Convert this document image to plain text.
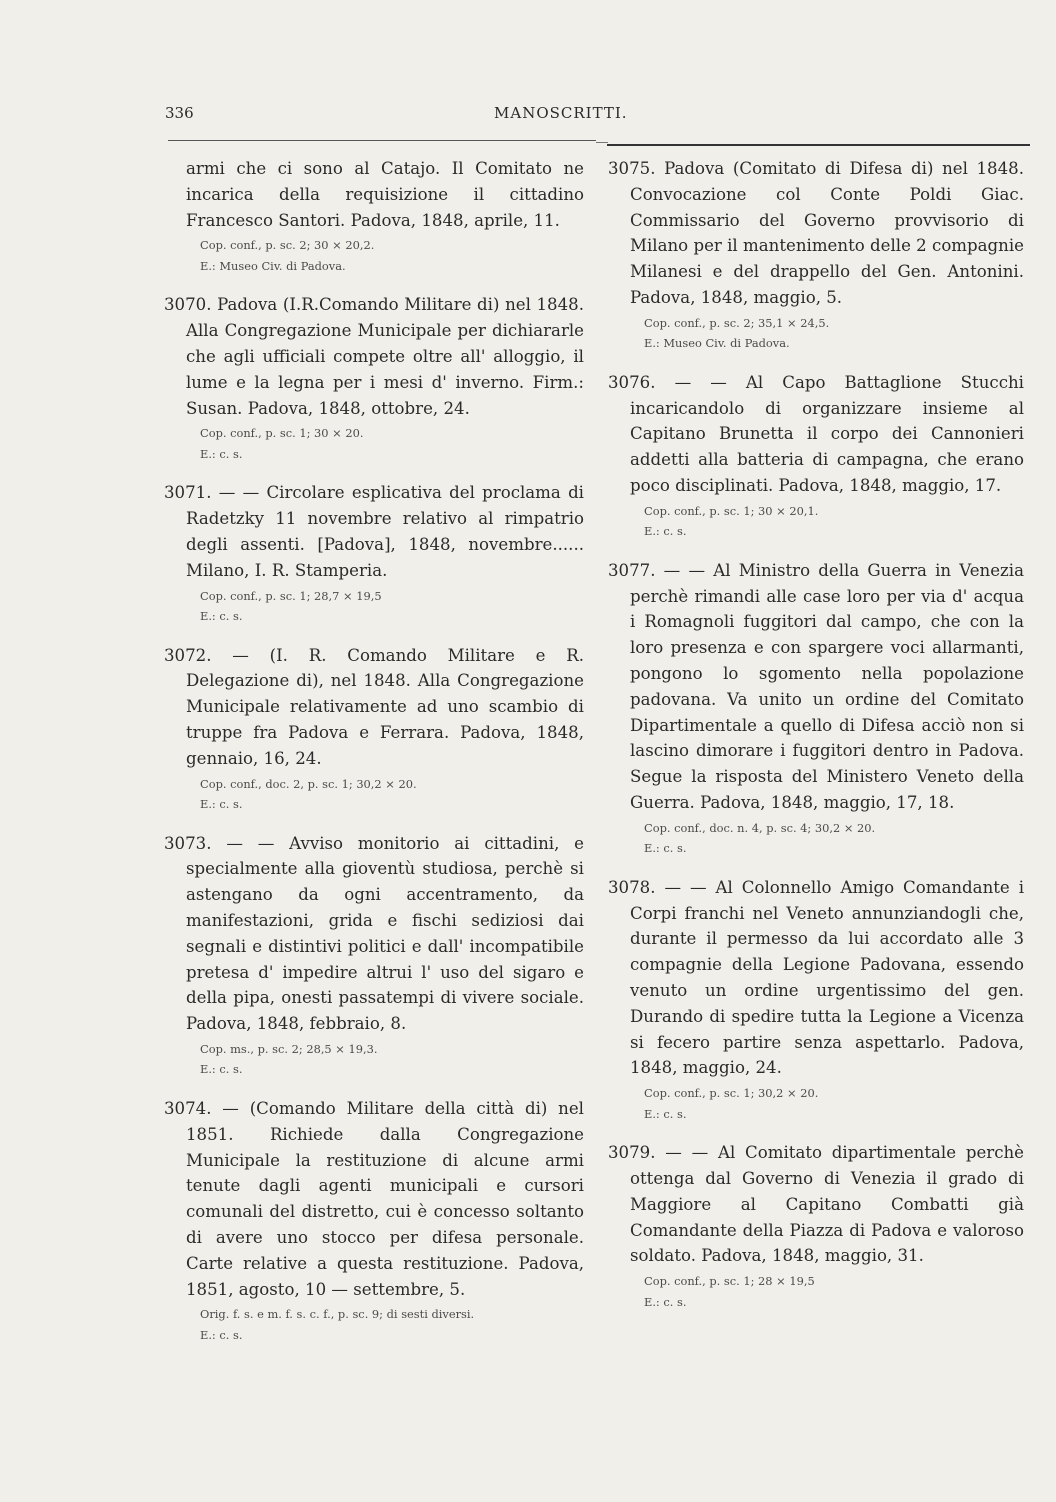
336	MANOSCRITTI.
armi che ci sono al Catajo. Il Comitato ne incarica della requisizione il cittadino Francesco Santori. Padova, 1848, aprile, 11.
Cop. conf., p. sc. 2; 30 × 20,2.
E.: Museo Civ. di Padova.
3070. Padova (I.R.Comando Militare di) nel 1848. Alla Congregazione Municipale per dichiararle che agli ufficiali compete oltre all' alloggio, il lume e la legna per i mesi d' inverno. Firm.: Susan. Padova, 1848, ottobre, 24.
Cop. conf., p. sc. 1; 30 × 20.
E.: c. s.
3071. — — Circolare esplicativa del proclama di Radetzky 11 novembre relativo al rimpatrio degli assenti. [Padova], 1848, novembre...... Milano, I. R. Stamperia.
Cop. conf., p. sc. 1; 28,7 × 19,5
E.: c. s.
3072. — (I. R. Comando Militare e R. Delegazione di), nel 1848. Alla Congregazione Municipale relativamente ad uno scambio di truppe fra Padova e Ferrara. Padova, 1848, gennaio, 16, 24.
Cop. conf., doc. 2, p. sc. 1; 30,2 × 20.
E.: c. s.
3073. — — Avviso monitorio ai cittadini, e specialmente alla gioventù studiosa, perchè si astengano da ogni accentramento, da manifestazioni, grida e fischi sediziosi dai segnali e distintivi politici e dall' incompatibile pretesa d' impedire altrui l' uso del sigaro e della pipa, onesti passatempi di vivere sociale. Padova, 1848, febbraio, 8.
Cop. ms., p. sc. 2; 28,5 × 19,3.
E.: c. s.
3074. — (Comando Militare della città di) nel 1851. Richiede dalla Congregazione Municipale la restituzione di alcune armi tenute dagli agenti municipali e cursori comunali del distretto, cui è concesso soltanto di avere uno stocco per difesa personale. Carte relative a questa restituzione. Padova, 1851, agosto, 10 — settembre, 5.
Orig. f. s. e m. f. s. c. f., p. sc. 9; di sesti diversi.
E.: c. s.
3075. Padova (Comitato di Difesa di) nel 1848. Convocazione col Conte Poldi Giac. Commissario del Governo provvisorio di Milano per il mantenimento delle 2 compagnie Milanesi e del drappello del Gen. Antonini. Padova, 1848, maggio, 5.
Cop. conf., p. sc. 2; 35,1 × 24,5.
E.: Museo Civ. di Padova.
3076. — — Al Capo Battaglione Stucchi incaricandolo di organizzare insieme al Capitano Brunetta il corpo dei Cannonieri addetti alla batteria di campagna, che erano poco disciplinati. Padova, 1848, maggio, 17.
Cop. conf., p. sc. 1; 30 × 20,1.
E.: c. s.
3077. — — Al Ministro della Guerra in Venezia perchè rimandi alle case loro per via d' acqua i Romagnoli fuggitori dal campo, che con la loro presenza e con spargere voci allarmanti, pongono lo sgomento nella popolazione padovana. Va unito un ordine del Comitato Dipartimentale a quello di Difesa acciò non si lascino dimorare i fuggitori dentro in Padova. Segue la risposta del Ministero Veneto della Guerra. Padova, 1848, maggio, 17, 18.
Cop. conf., doc. n. 4, p. sc. 4; 30,2 × 20.
E.: c. s.
3078. — — Al Colonnello Amigo Comandante i Corpi franchi nel Veneto annunziandogli che, durante il permesso da lui accordato alle 3 compagnie della Legione Padovana, essendo venuto un ordine urgentissimo del gen. Durando di spedire tutta la Legione a Vicenza si fecero partire senza aspettarlo. Padova, 1848, maggio, 24.
Cop. conf., p. sc. 1; 30,2 × 20.
E.: c. s.
3079. — — Al Comitato dipartimentale perchè ottenga dal Governo di Venezia il grado di Maggiore al Capitano Combatti già Comandante della Piazza di Padova e valoroso soldato. Padova, 1848, maggio, 31.
Cop. conf., p. sc. 1; 28 × 19,5
E.: c. s.
